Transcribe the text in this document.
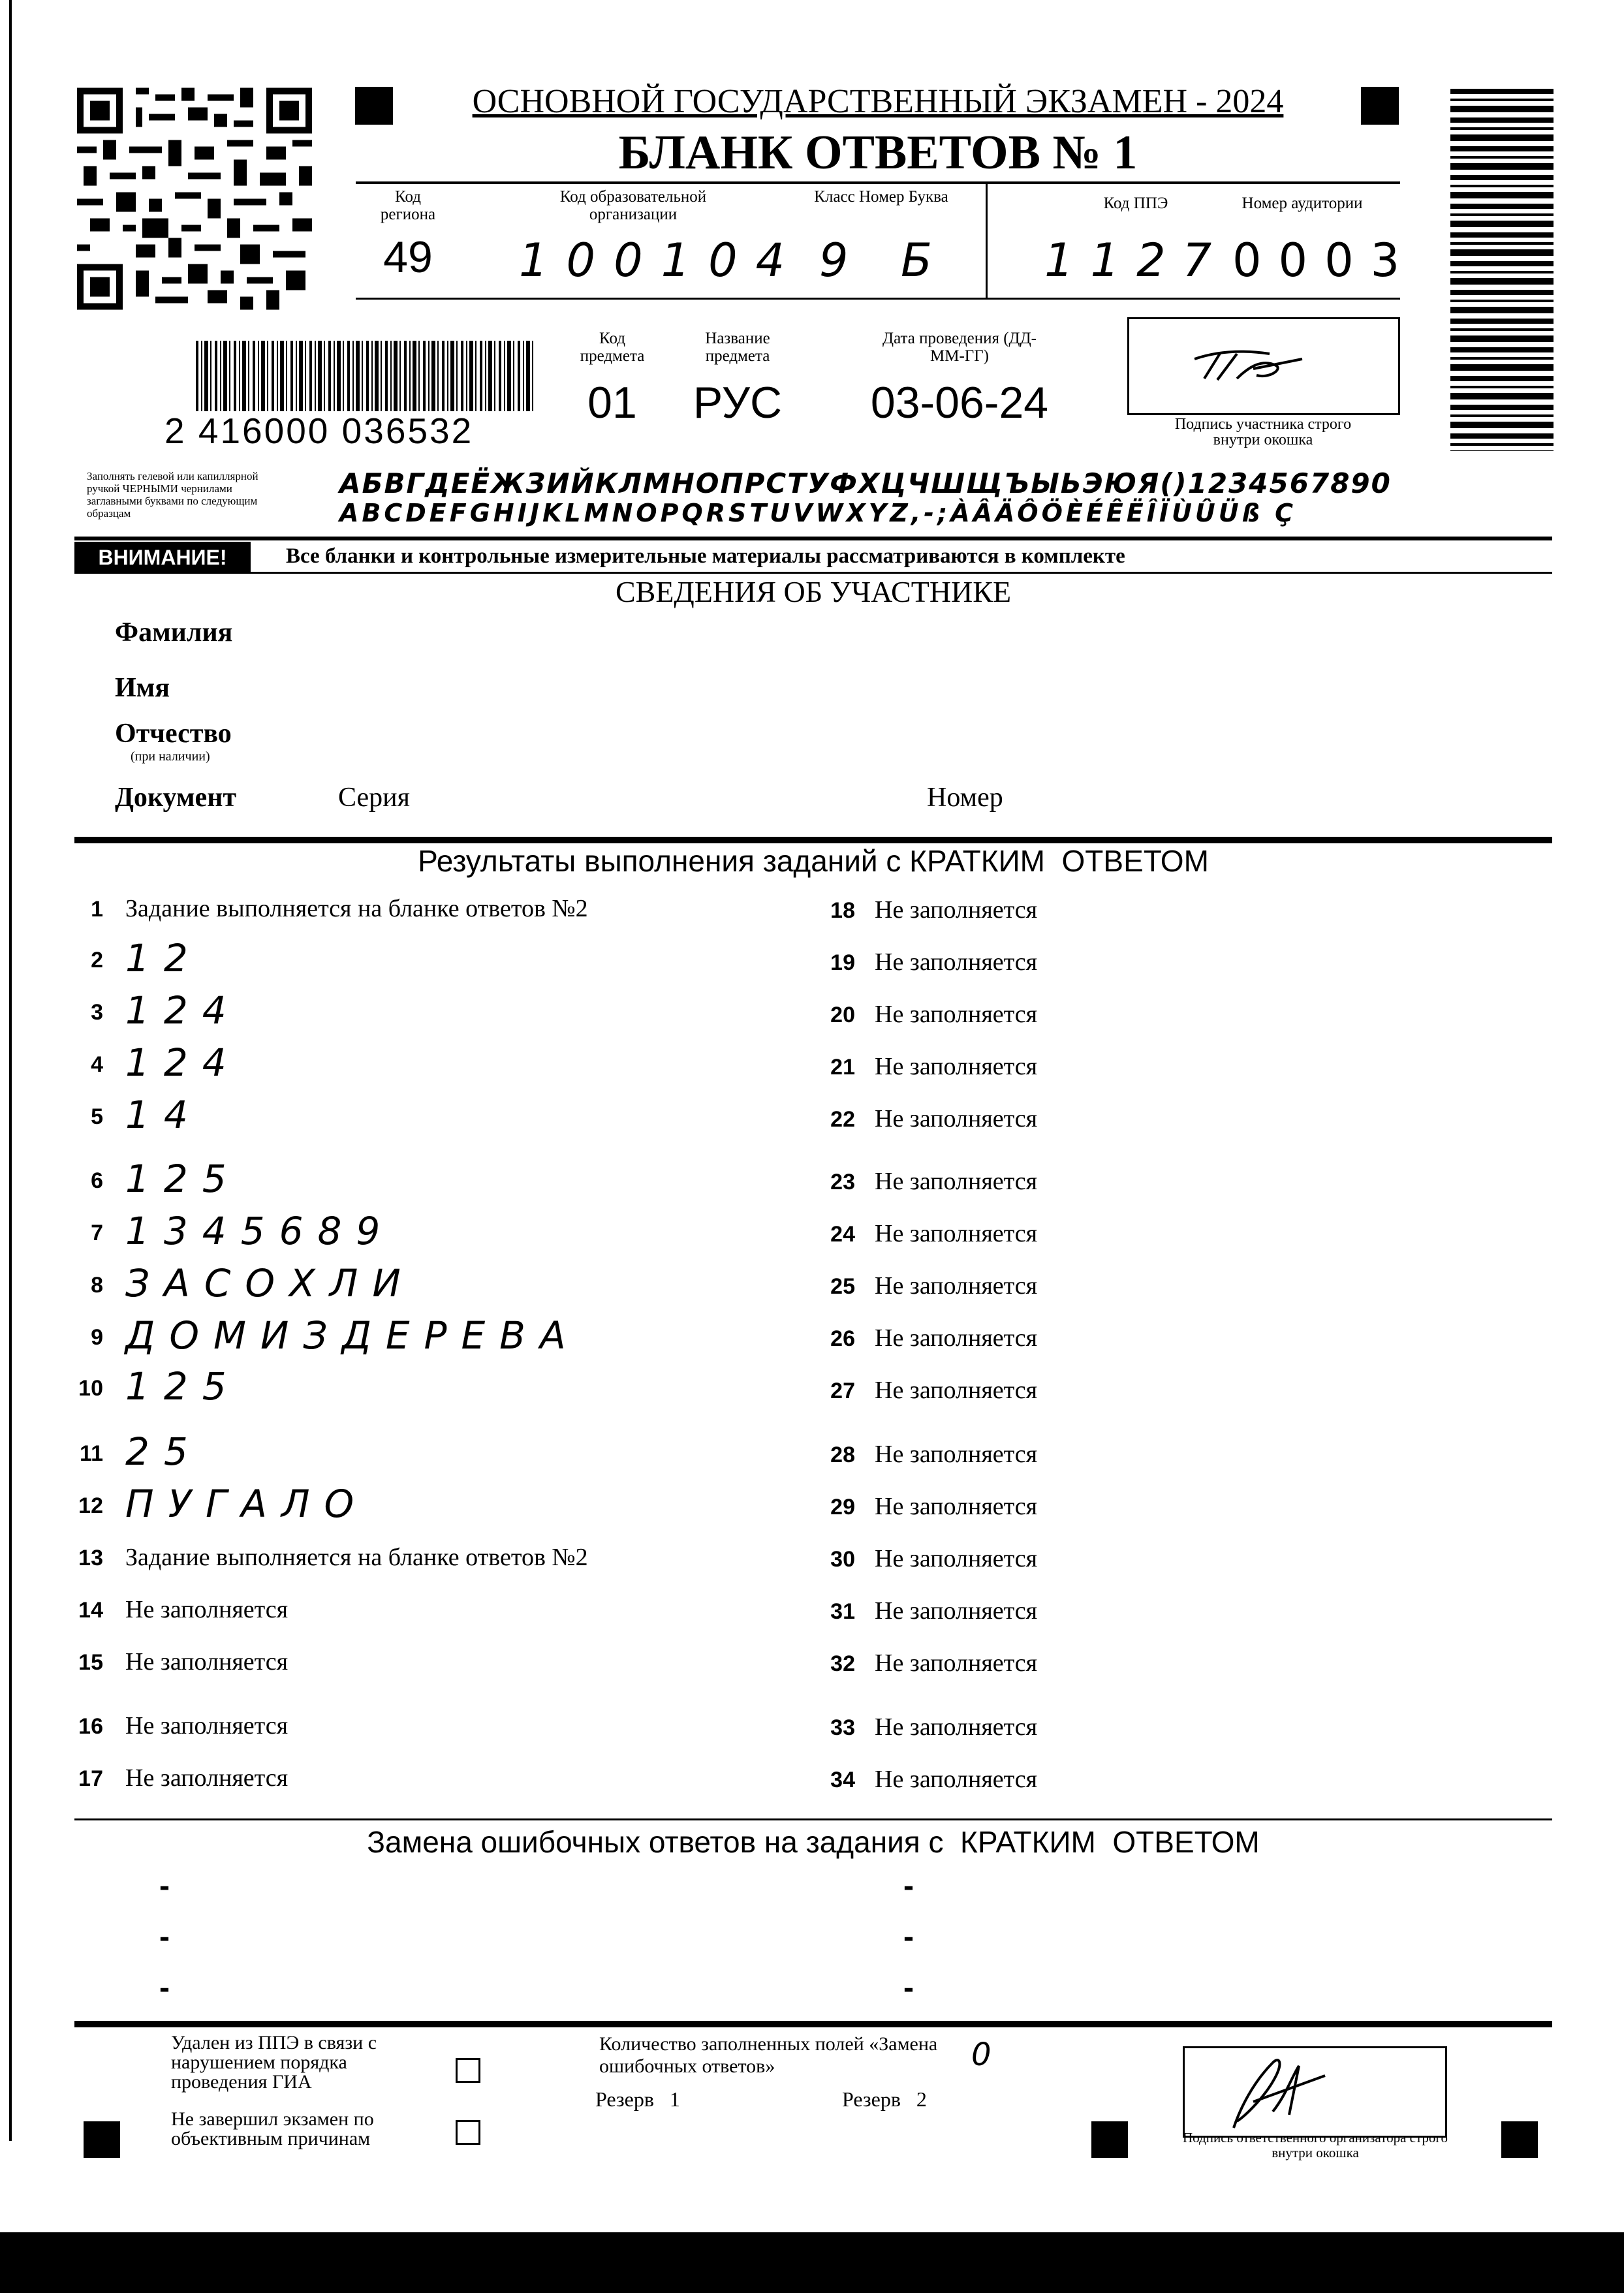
ОСНОВНОЙ ГОСУДАРСТВЕННЫЙ ЭКЗАМЕН - 2024
БЛАНК ОТВЕТОВ № 1
Код региона
49
Код образовательной организации
100104
Класс Номер Буква
9 Б
Код ППЭ
1127
Номер аудитории
0003
2 416000 036532
Код предмета
01
Название предмета
РУС
Дата проведения (ДД-ММ-ГГ)
03-06-24	Подпись участника строго внутри окошка
Заполнять гелевой или капиллярной ручкой ЧЕРНЫМИ чернилами заглавными буквами по следующим образцам
АБВГДЕЁЖЗИЙКЛМНОПРСТУФХЦЧШЩЪЫЬЭЮЯ()1234567890
ABCDEFGHIJKLMNOPQRSTUVWXYZ,-;ÀÂÄÔÖÈÉÊËÎÏÙÛÜß Ç
ВНИМАНИЕ!	Все бланки и контрольные измерительные материалы рассматриваются в комплекте
СВЕДЕНИЯ ОБ УЧАСТНИКЕ
Фамилия
Имя
Отчество
(при наличии)
Документ	Серия	Номер
Результаты выполнения заданий с КРАТКИМ  ОТВЕТОМ
1 Задание выполняется на бланке ответов №2
2 12
3 124
4 124
5 14
6 125
7 1345689
8 ЗАСОХЛИ
9 ДОМИЗДЕРЕВА
10 125
11 25
12 ПУГАЛО
13 Задание выполняется на бланке ответов №2
14 Не заполняется
15 Не заполняется
16 Не заполняется
17 Не заполняется
18 Не заполняется
19 Не заполняется
20 Не заполняется
21 Не заполняется
22 Не заполняется
23 Не заполняется
24 Не заполняется
25 Не заполняется
26 Не заполняется
27 Не заполняется
28 Не заполняется
29 Не заполняется
30 Не заполняется
31 Не заполняется
32 Не заполняется
33 Не заполняется
34 Не заполняется
Замена ошибочных ответов на задания с  КРАТКИМ  ОТВЕТОМ
-
-
-
-
-
-
Удален из ППЭ в связи с нарушением порядка проведения ГИА
Не завершил экзамен по объективным причинам
Количество заполненных полей «Замена ошибочных ответов»	0
Резерв   1	Резерв   2
Подпись ответственного организатора строго внутри окошка
